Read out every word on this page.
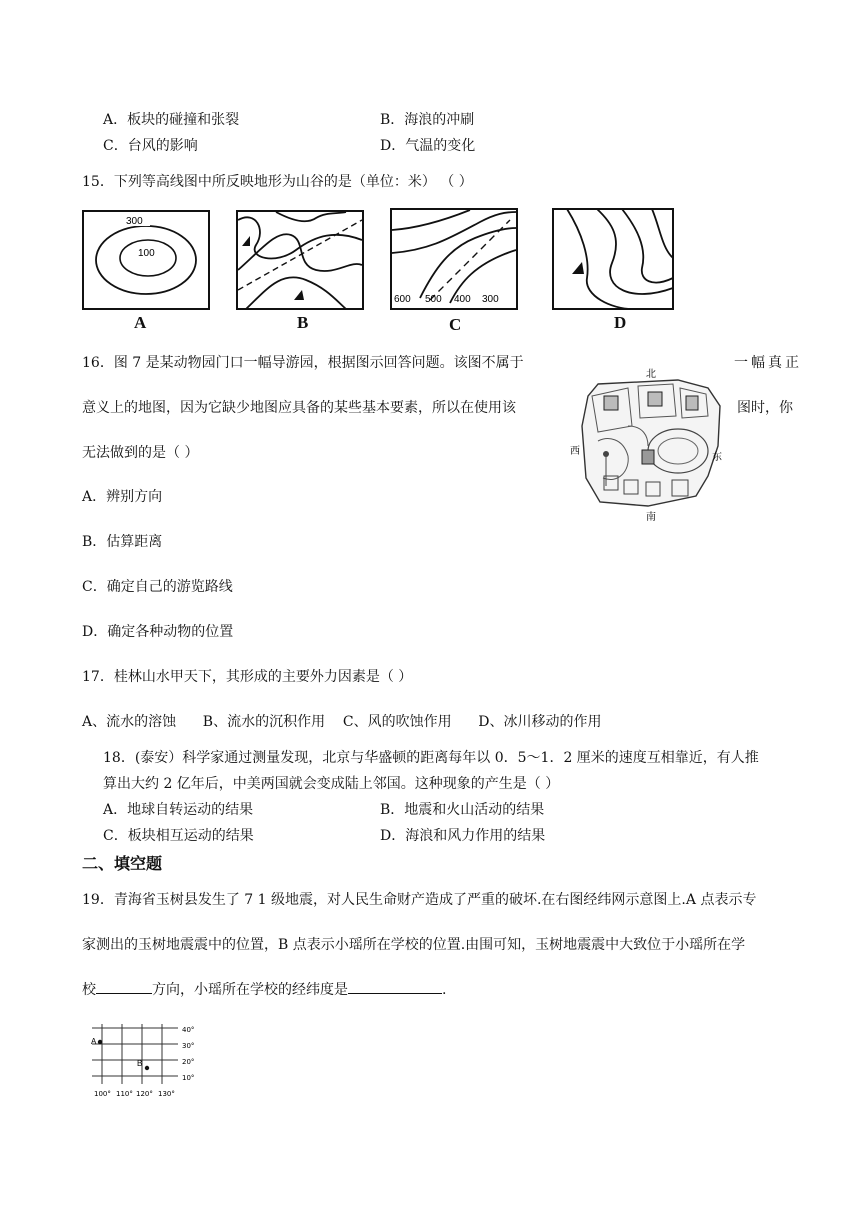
A．板块的碰撞和张裂	B．海浪的冲刷
C．台风的影响	D．气温的变化
15．下列等高线图中所反映地形为山谷的是（单位：米） （ ）
300
100
A	B
600 500 400 300
C	D
16．图 7 是某动物园门口一幅导游园，根据图示回答问题。该图不属于	一幅真正
意义上的地图，因为它缺少地图应具备的某些基本要素，所以在使用该	图时，你
无法做到的是（ ）
北
南
西
东
A．辨别方向
B．估算距离
C．确定自己的游览路线
D．确定各种动物的位置
17．桂林山水甲天下，其形成的主要外力因素是（ ）
A、流水的溶蚀      B、流水的沉积作用    C、风的吹蚀作用      D、冰川移动的作用
18．(泰安）科学家通过测量发现，北京与华盛顿的距离每年以 0．5～1．2 厘米的速度互相靠近，有人推
算出大约 2 亿年后，中美两国就会变成陆上邻国。这种现象的产生是（ ）
A．地球自转运动的结果	B．地震和火山活动的结果
C．板块相互运动的结果	D．海浪和风力作用的结果
二、填空题
19．青海省玉树县发生了 7 1 级地震，对人民生命财产造成了严重的破坏.在右图经纬网示意图上.A 点表示专
家测出的玉树地震震中的位置，B 点表示小瑶所在学校的位置.由围可知，玉树地震震中大致位于小瑶所在学
校	方向，小瑶所在学校的经纬度是	.
40°
30°
20°
10°
100° 110° 120° 130°
A
B
